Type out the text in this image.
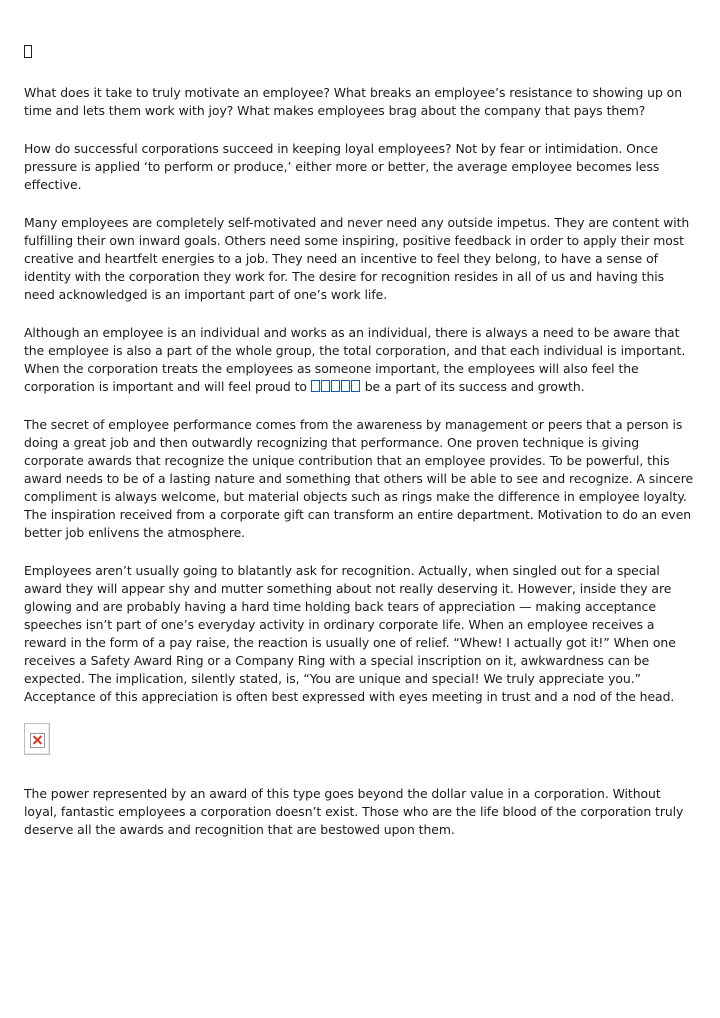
What does it take to truly motivate an employee? What breaks an employee’s resistance to showing up on time and lets them work with joy? What makes employees brag about the company that pays them?

How do successful corporations succeed in keeping loyal employees? Not by fear or intimidation. Once pressure is applied ‘to perform or produce,’ either more or better, the average employee becomes less effective.

Many employees are completely self-motivated and never need any outside impetus. They are content with fulfilling their own inward goals. Others need some inspiring, positive feedback in order to apply their most creative and heartfelt energies to a job. They need an incentive to feel they belong, to have a sense of identity with the corporation they work for. The desire for recognition resides in all of us and having this need acknowledged is an important part of one’s work life.

Although an employee is an individual and works as an individual, there is always a need to be aware that the employee is also a part of the whole group, the total corporation, and that each individual is important. When the corporation treats the employees as someone important, the employees will also feel the corporation is important and will feel proud to	be a part of its success and growth.

The secret of employee performance comes from the awareness by management or peers that a person is doing a great job and then outwardly recognizing that performance. One proven technique is giving corporate awards that recognize the unique contribution that an employee provides. To be powerful, this award needs to be of a lasting nature and something that others will be able to see and recognize. A sincere compliment is always welcome, but material objects such as rings make the difference in employee loyalty. The inspiration received from a corporate gift can transform an entire department. Motivation to do an even better job enlivens the atmosphere.

Employees aren’t usually going to blatantly ask for recognition. Actually, when singled out for a special award they will appear shy and mutter something about not really deserving it. However, inside they are glowing and are probably having a hard time holding back tears of appreciation — making acceptance speeches isn’t part of one’s everyday activity in ordinary corporate life. When an employee receives a reward in the form of a pay raise, the reaction is usually one of relief. “Whew! I actually got it!” When one receives a Safety Award Ring or a Company Ring with a special inscription on it, awkwardness can be expected. The implication, silently stated, is, “You are unique and special! We truly appreciate you.” Acceptance of this appreciation is often best expressed with eyes meeting in trust and a nod of the head.

The power represented by an award of this type goes beyond the dollar value in a corporation. Without loyal, fantastic employees a corporation doesn’t exist. Those who are the life blood of the corporation truly deserve all the awards and recognition that are bestowed upon them.
